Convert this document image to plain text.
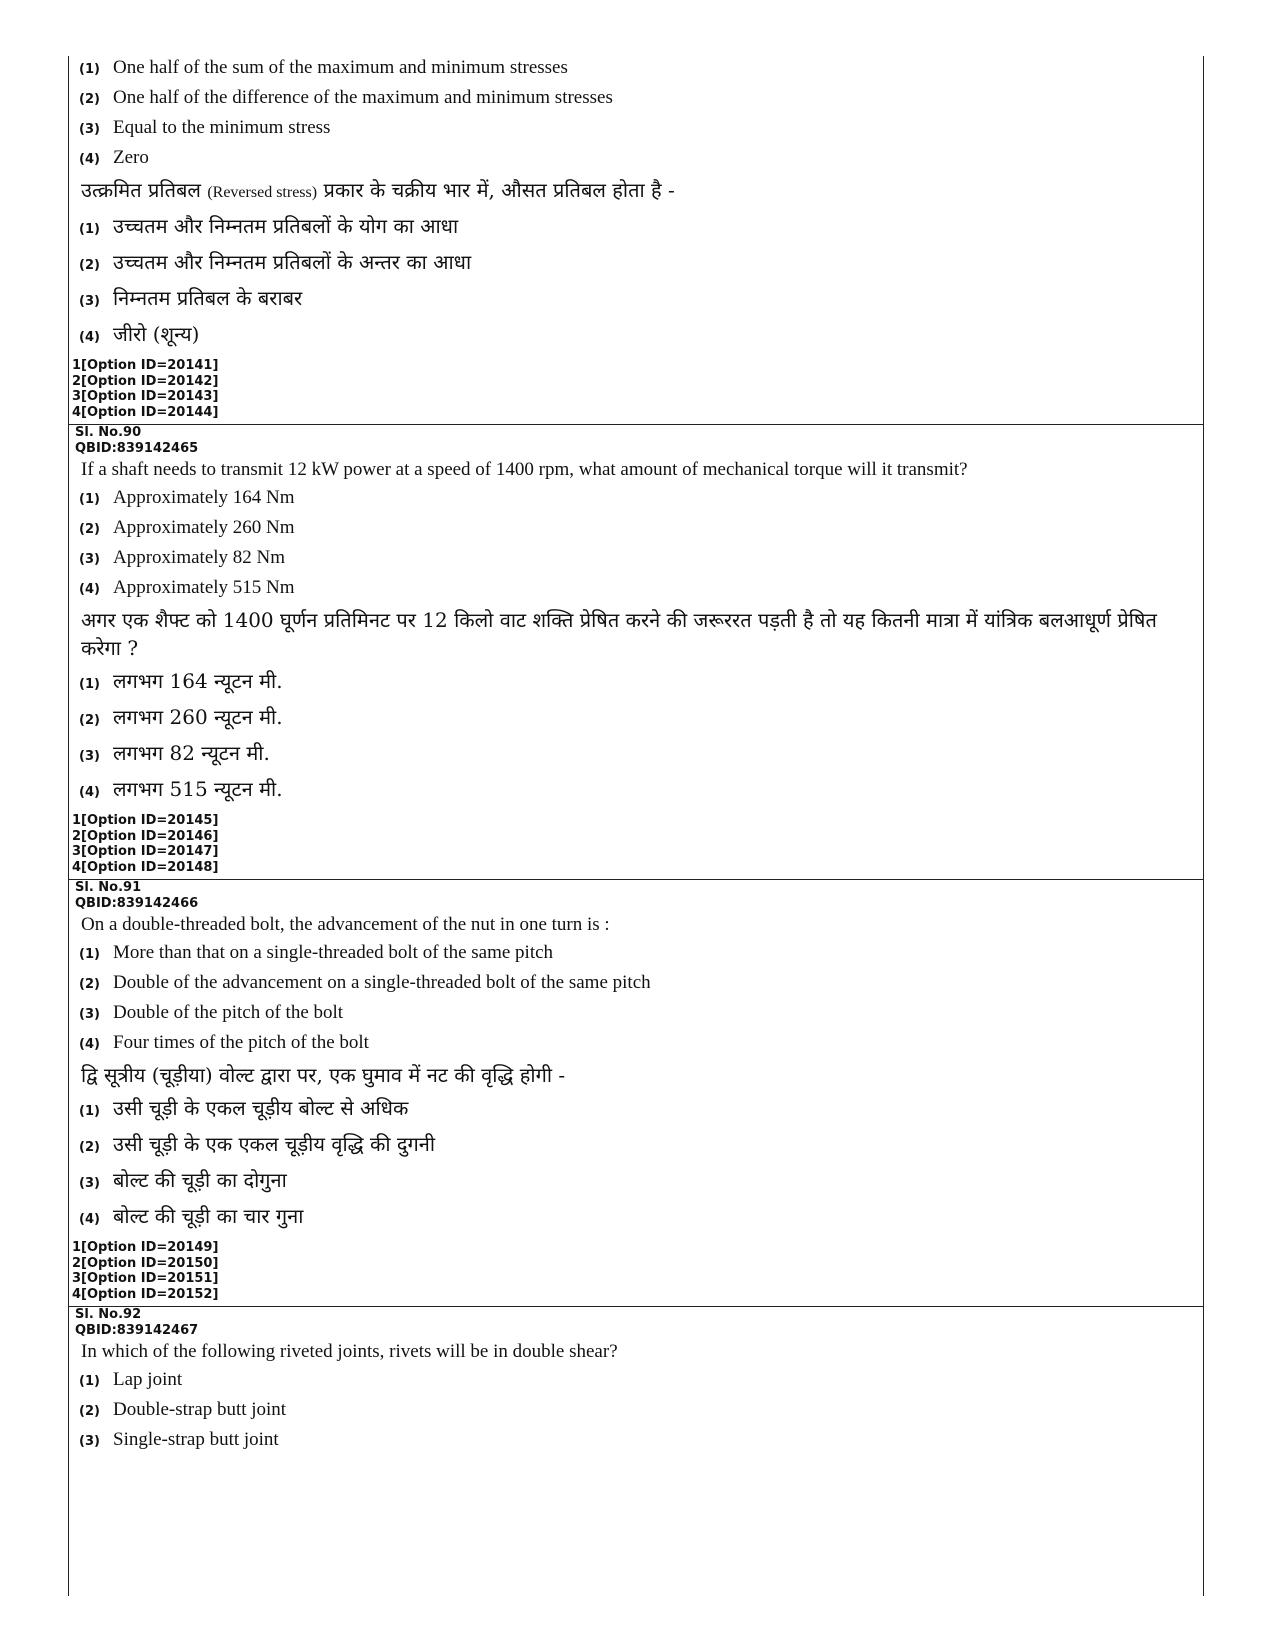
(1) One half of the sum of the maximum and minimum stresses
(2) One half of the difference of the maximum and minimum stresses
(3) Equal to the minimum stress
(4) Zero
उत्क्रमित प्रतिबल (Reversed stress) प्रकार के चक्रीय भार में, औसत प्रतिबल होता है -
(1) उच्चतम और निम्नतम प्रतिबलों के योग का आधा
(2) उच्चतम और निम्नतम प्रतिबलों के अन्तर का आधा
(3) निम्नतम प्रतिबल के बराबर
(4) जीरो (शून्य)
1[Option ID=20141]
2[Option ID=20142]
3[Option ID=20143]
4[Option ID=20144]
Sl. No.90
QBID:839142465
If a shaft needs to transmit 12 kW power at a speed of 1400 rpm, what amount of mechanical torque will it transmit?
(1) Approximately 164 Nm
(2) Approximately 260 Nm
(3) Approximately 82 Nm
(4) Approximately 515 Nm
अगर एक शैफ्ट को 1400 घूर्णन प्रतिमिनट पर 12 किलो वाट शक्ति प्रेषित करने की जरूररत पड़ती है तो यह कितनी मात्रा में यांत्रिक बलआधूर्ण प्रेषित करेगा ?
(1) लगभग 164 न्यूटन मी.
(2) लगभग 260 न्यूटन मी.
(3) लगभग 82 न्यूटन मी.
(4) लगभग 515 न्यूटन मी.
1[Option ID=20145]
2[Option ID=20146]
3[Option ID=20147]
4[Option ID=20148]
Sl. No.91
QBID:839142466
On a double-threaded bolt, the advancement of the nut in one turn is :
(1) More than that on a single-threaded bolt of the same pitch
(2) Double of the advancement on a single-threaded bolt of the same pitch
(3) Double of the pitch of the bolt
(4) Four times of the pitch of the bolt
द्वि सूत्रीय (चूड़ीया) वोल्ट द्वारा पर, एक घुमाव में नट की वृद्धि होगी -
(1) उसी चूड़ी के एकल चूड़ीय बोल्ट से अधिक
(2) उसी चूड़ी के एक एकल चूड़ीय वृद्धि की दुगनी
(3) बोल्ट की चूड़ी का दोगुना
(4) बोल्ट की चूड़ी का चार गुना
1[Option ID=20149]
2[Option ID=20150]
3[Option ID=20151]
4[Option ID=20152]
Sl. No.92
QBID:839142467
In which of the following riveted joints, rivets will be in double shear?
(1) Lap joint
(2) Double-strap butt joint
(3) Single-strap butt joint
